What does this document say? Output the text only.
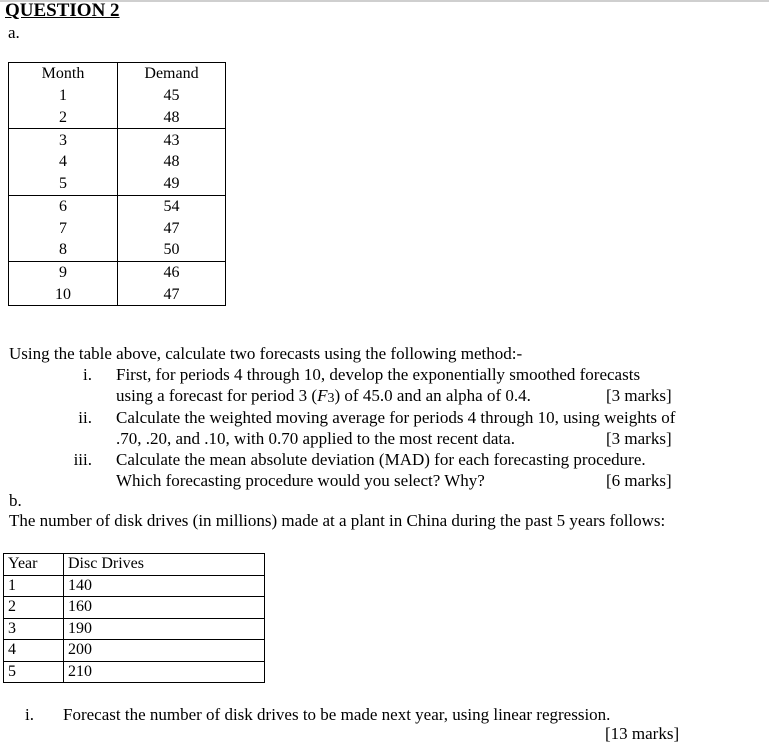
QUESTION 2
a.
Month	Demand
1	45
2	48
3	43
4	48
5	49
6	54
7	47
8	50
9	46
10	47
Using the table above, calculate two forecasts using the following method:-
i. First, for periods 4 through 10, develop the exponentially smoothed forecasts
using a forecast for period 3 (F3) of 45.0 and an alpha of 0.4.	[3 marks]
ii. Calculate the weighted moving average for periods 4 through 10, using weights of
.70, .20, and .10, with 0.70 applied to the most recent data.	[3 marks]
iii. Calculate the mean absolute deviation (MAD) for each forecasting procedure.
Which forecasting procedure would you select? Why?	[6 marks]
b.
The number of disk drives (in millions) made at a plant in China during the past 5 years follows:
Year	Disc Drives
1	140
2	160
3	190
4	200
5	210
i. Forecast the number of disk drives to be made next year, using linear regression.
[13 marks]
